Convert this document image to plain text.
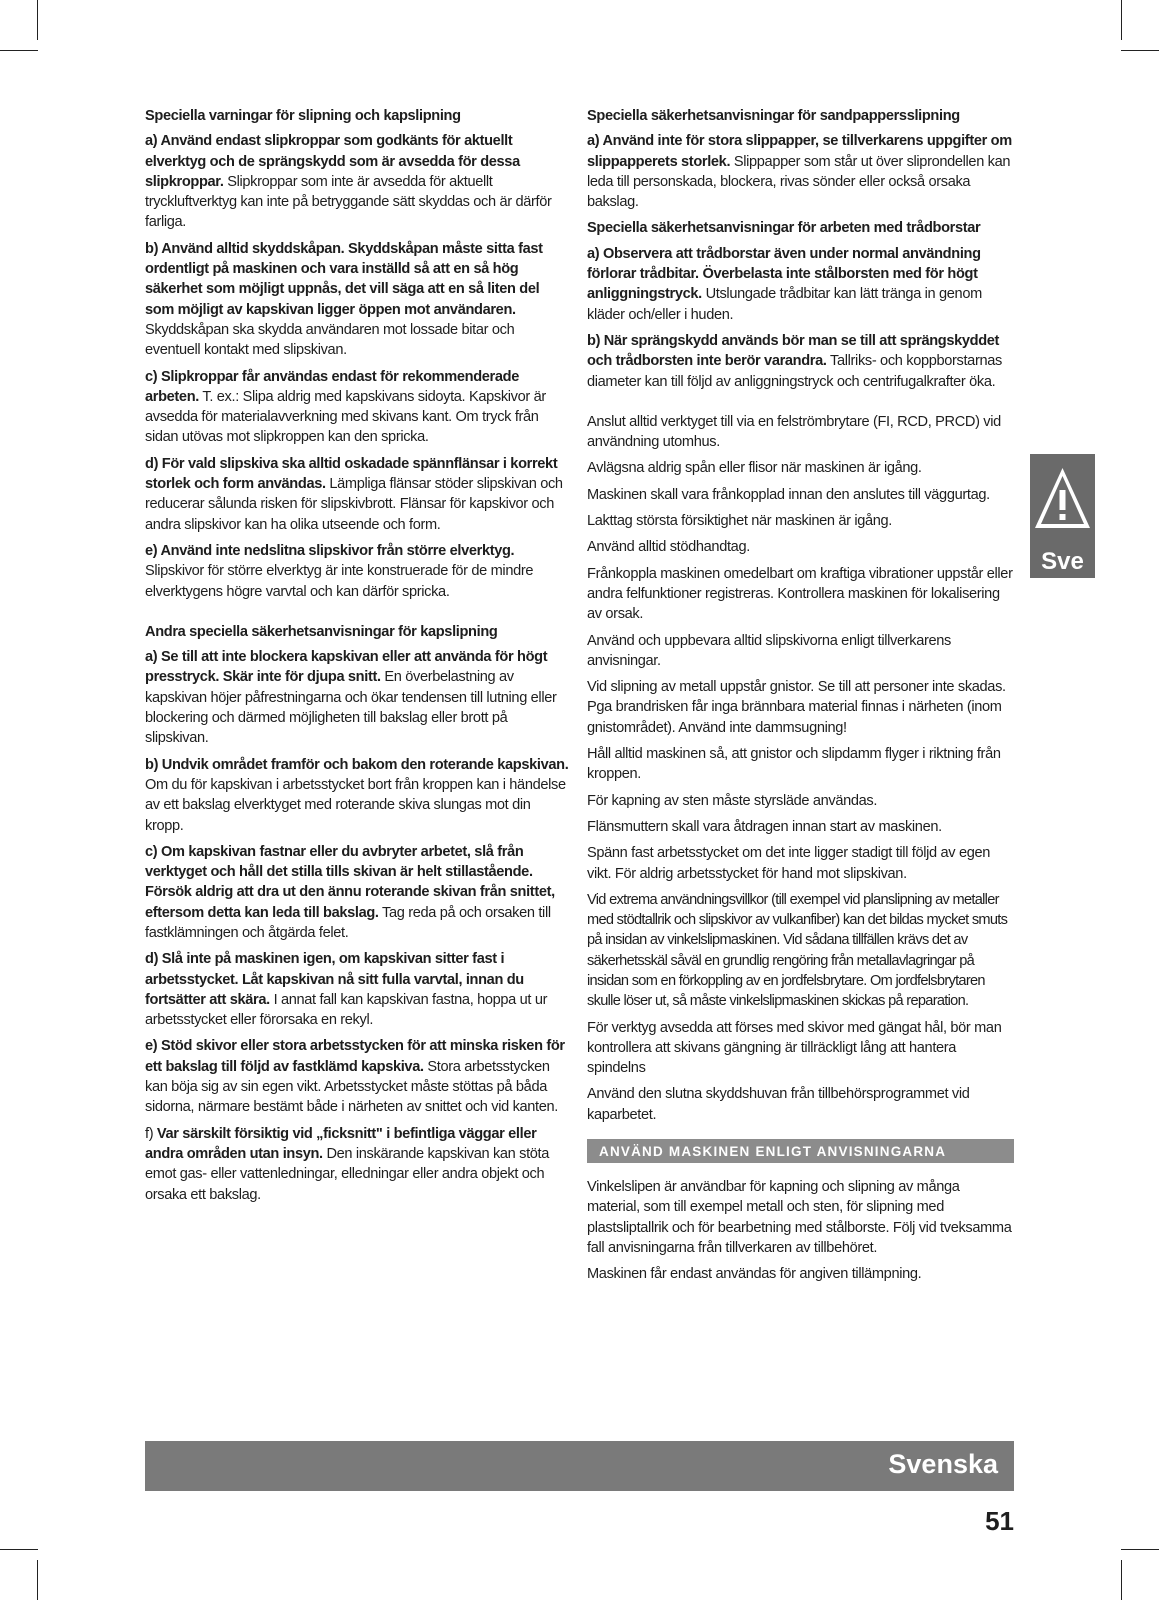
Speciella varningar för slipning och kapslipning

a) Använd endast slipkroppar som godkänts för aktuellt elverktyg och de sprängskydd som är avsedda för dessa slipkroppar. Slipkroppar som inte är avsedda för aktuellt tryckluftverktyg kan inte på betryggande sätt skyddas och är därför farliga.

b) Använd alltid skyddskåpan. Skyddskåpan måste sitta fast ordentligt på maskinen och vara inställd så att en så hög säkerhet som möjligt uppnås, det vill säga att en så liten del som möjligt av kapskivan ligger öppen mot användaren. Skyddskåpan ska skydda användaren mot lossade bitar och eventuell kontakt med slipskivan.

c) Slipkroppar får användas endast för rekommenderade arbeten. T. ex.: Slipa aldrig med kapskivans sidoyta. Kapskivor är avsedda för materialavverkning med skivans kant. Om tryck från sidan utövas mot slipkroppen kan den spricka.

d) För vald slipskiva ska alltid oskadade spännflänsar i korrekt storlek och form användas. Lämpliga flänsar stöder slipskivan och reducerar sålunda risken för slipskivbrott. Flänsar för kapskivor och andra slipskivor kan ha olika utseende och form.

e) Använd inte nedslitna slipskivor från större elverktyg. Slipskivor för större elverktyg är inte konstruerade för de mindre elverktygens högre varvtal och kan därför spricka.

Andra speciella säkerhetsanvisningar för kapslipning

a) Se till att inte blockera kapskivan eller att använda för högt presstryck. Skär inte för djupa snitt. En överbelastning av kapskivan höjer påfrestningarna och ökar tendensen till lutning eller blockering och därmed möjligheten till bakslag eller brott på slipskivan.

b) Undvik området framför och bakom den roterande kapskivan. Om du för kapskivan i arbetsstycket bort från kroppen kan i händelse av ett bakslag elverktyget med roterande skiva slungas mot din kropp.

c) Om kapskivan fastnar eller du avbryter arbetet, slå från verktyget och håll det stilla tills skivan är helt stillastående. Försök aldrig att dra ut den ännu roterande skivan från snittet, eftersom detta kan leda till bakslag. Tag reda på och orsaken till fastklämningen och åtgärda felet.

d) Slå inte på maskinen igen, om kapskivan sitter fast i arbetsstycket. Låt kapskivan nå sitt fulla varvtal, innan du fortsätter att skära. I annat fall kan kapskivan fastna, hoppa ut ur arbetsstycket eller förorsaka en rekyl.

e) Stöd skivor eller stora arbetsstycken för att minska risken för ett bakslag till följd av fastklämd kapskiva. Stora arbetsstycken kan böja sig av sin egen vikt. Arbetsstycket måste stöttas på båda sidorna, närmare bestämt både i närheten av snittet och vid kanten.

f) Var särskilt försiktig vid „ficksnitt" i befintliga väggar eller andra områden utan insyn. Den inskärande kapskivan kan stöta emot gas- eller vattenledningar, elledningar eller andra objekt och orsaka ett bakslag.

Speciella säkerhetsanvisningar för sandpappersslipning

a) Använd inte för stora slippapper, se tillverkarens uppgifter om slippapperets storlek. Slippapper som står ut över sliprondellen kan leda till personskada, blockera, rivas sönder eller också orsaka bakslag.

Speciella säkerhetsanvisningar för arbeten med trådborstar

a) Observera att trådborstar även under normal användning förlorar trådbitar. Överbelasta inte stålborsten med för högt anliggningstryck. Utslungade trådbitar kan lätt tränga in genom kläder och/eller i huden.

b) När sprängskydd används bör man se till att sprängskyddet och trådborsten inte berör varandra. Tallriks- och koppborstarnas diameter kan till följd av anliggningstryck och centrifugalkrafter öka.

Anslut alltid verktyget till via en felströmbrytare (FI, RCD, PRCD) vid användning utomhus.

Avlägsna aldrig spån eller flisor när maskinen är igång.

Maskinen skall vara frånkopplad innan den anslutes till väggurtag.

Lakttag största försiktighet när maskinen är igång.

Använd alltid stödhandtag.

Frånkoppla maskinen omedelbart om kraftiga vibrationer uppstår eller andra felfunktioner registreras. Kontrollera maskinen för lokalisering av orsak.

Använd och uppbevara alltid slipskivorna enligt tillverkarens anvisningar.

Vid slipning av metall uppstår gnistor. Se till att personer inte skadas. Pga brandrisken får inga brännbara material finnas i närheten (inom gnistområdet). Använd inte dammsugning!

Håll alltid maskinen så, att gnistor och slipdamm flyger i riktning från kroppen.

För kapning av sten måste styrsläde användas.

Flänsmuttern skall vara åtdragen innan start av maskinen.

Spänn fast arbetsstycket om det inte ligger stadigt till följd av egen vikt. För aldrig arbetsstycket för hand mot slipskivan.

Vid extrema användningsvillkor (till exempel vid planslipning av metaller med stödtallrik och slipskivor av vulkanfiber) kan det bildas mycket smuts på insidan av vinkelslipmaskinen. Vid sådana tillfällen krävs det av säkerhetsskäl såväl en grundlig rengöring från metallavlagringar på insidan som en förkoppling av en jordfelsbrytare. Om jordfelsbrytaren skulle löser ut, så måste vinkelslipmaskinen skickas på reparation.

För verktyg avsedda att förses med skivor med gängat hål, bör man kontrollera att skivans gängning är tillräckligt lång att hantera spindelns

Använd den slutna skyddshuvan från tillbehörsprogrammet vid kaparbetet.

ANVÄND MASKINEN ENLIGT ANVISNINGARNA

Vinkelslipen är användbar för kapning och slipning av många material, som till exempel metall och sten, för slipning med plastsliptallrik och för bearbetning med stålborste. Följ vid tveksamma fall anvisningarna från tillverkaren av tillbehöret.

Maskinen får endast användas för angiven tillämpning.

Sve
Svenska
51
